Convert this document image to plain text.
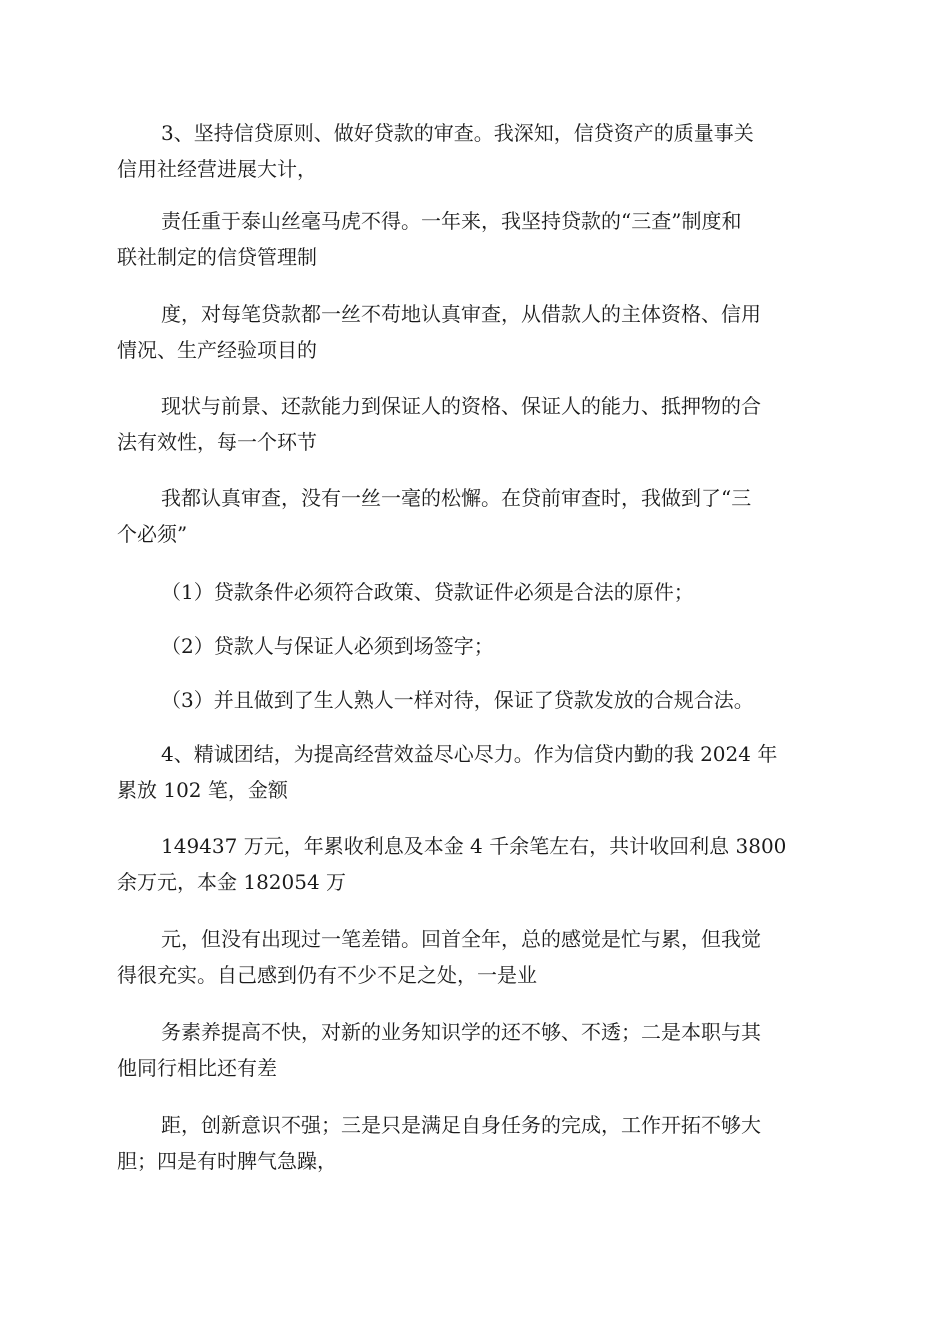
3、坚持信贷原则、做好贷款的审查。我深知，信贷资产的质量事关
信用社经营进展大计，

责任重于泰山丝毫马虎不得。一年来，我坚持贷款的“三查”制度和
联社制定的信贷管理制

度，对每笔贷款都一丝不苟地认真审查，从借款人的主体资格、信用
情况、生产经验项目的

现状与前景、还款能力到保证人的资格、保证人的能力、抵押物的合
法有效性，每一个环节

我都认真审查，没有一丝一毫的松懈。在贷前审查时，我做到了“三
个必须”

（1）贷款条件必须符合政策、贷款证件必须是合法的原件；

（2）贷款人与保证人必须到场签字；

（3）并且做到了生人熟人一样对待，保证了贷款发放的合规合法。

4、精诚团结，为提高经营效益尽心尽力。作为信贷内勤的我 2024 年
累放 102 笔，金额

149437 万元，年累收利息及本金 4 千余笔左右，共计收回利息 3800
余万元，本金 182054 万

元，但没有出现过一笔差错。回首全年，总的感觉是忙与累，但我觉
得很充实。自己感到仍有不少不足之处，一是业

务素养提高不快，对新的业务知识学的还不够、不透；二是本职与其
他同行相比还有差

距，创新意识不强；三是只是满足自身任务的完成，工作开拓不够大
胆；四是有时脾气急躁，
